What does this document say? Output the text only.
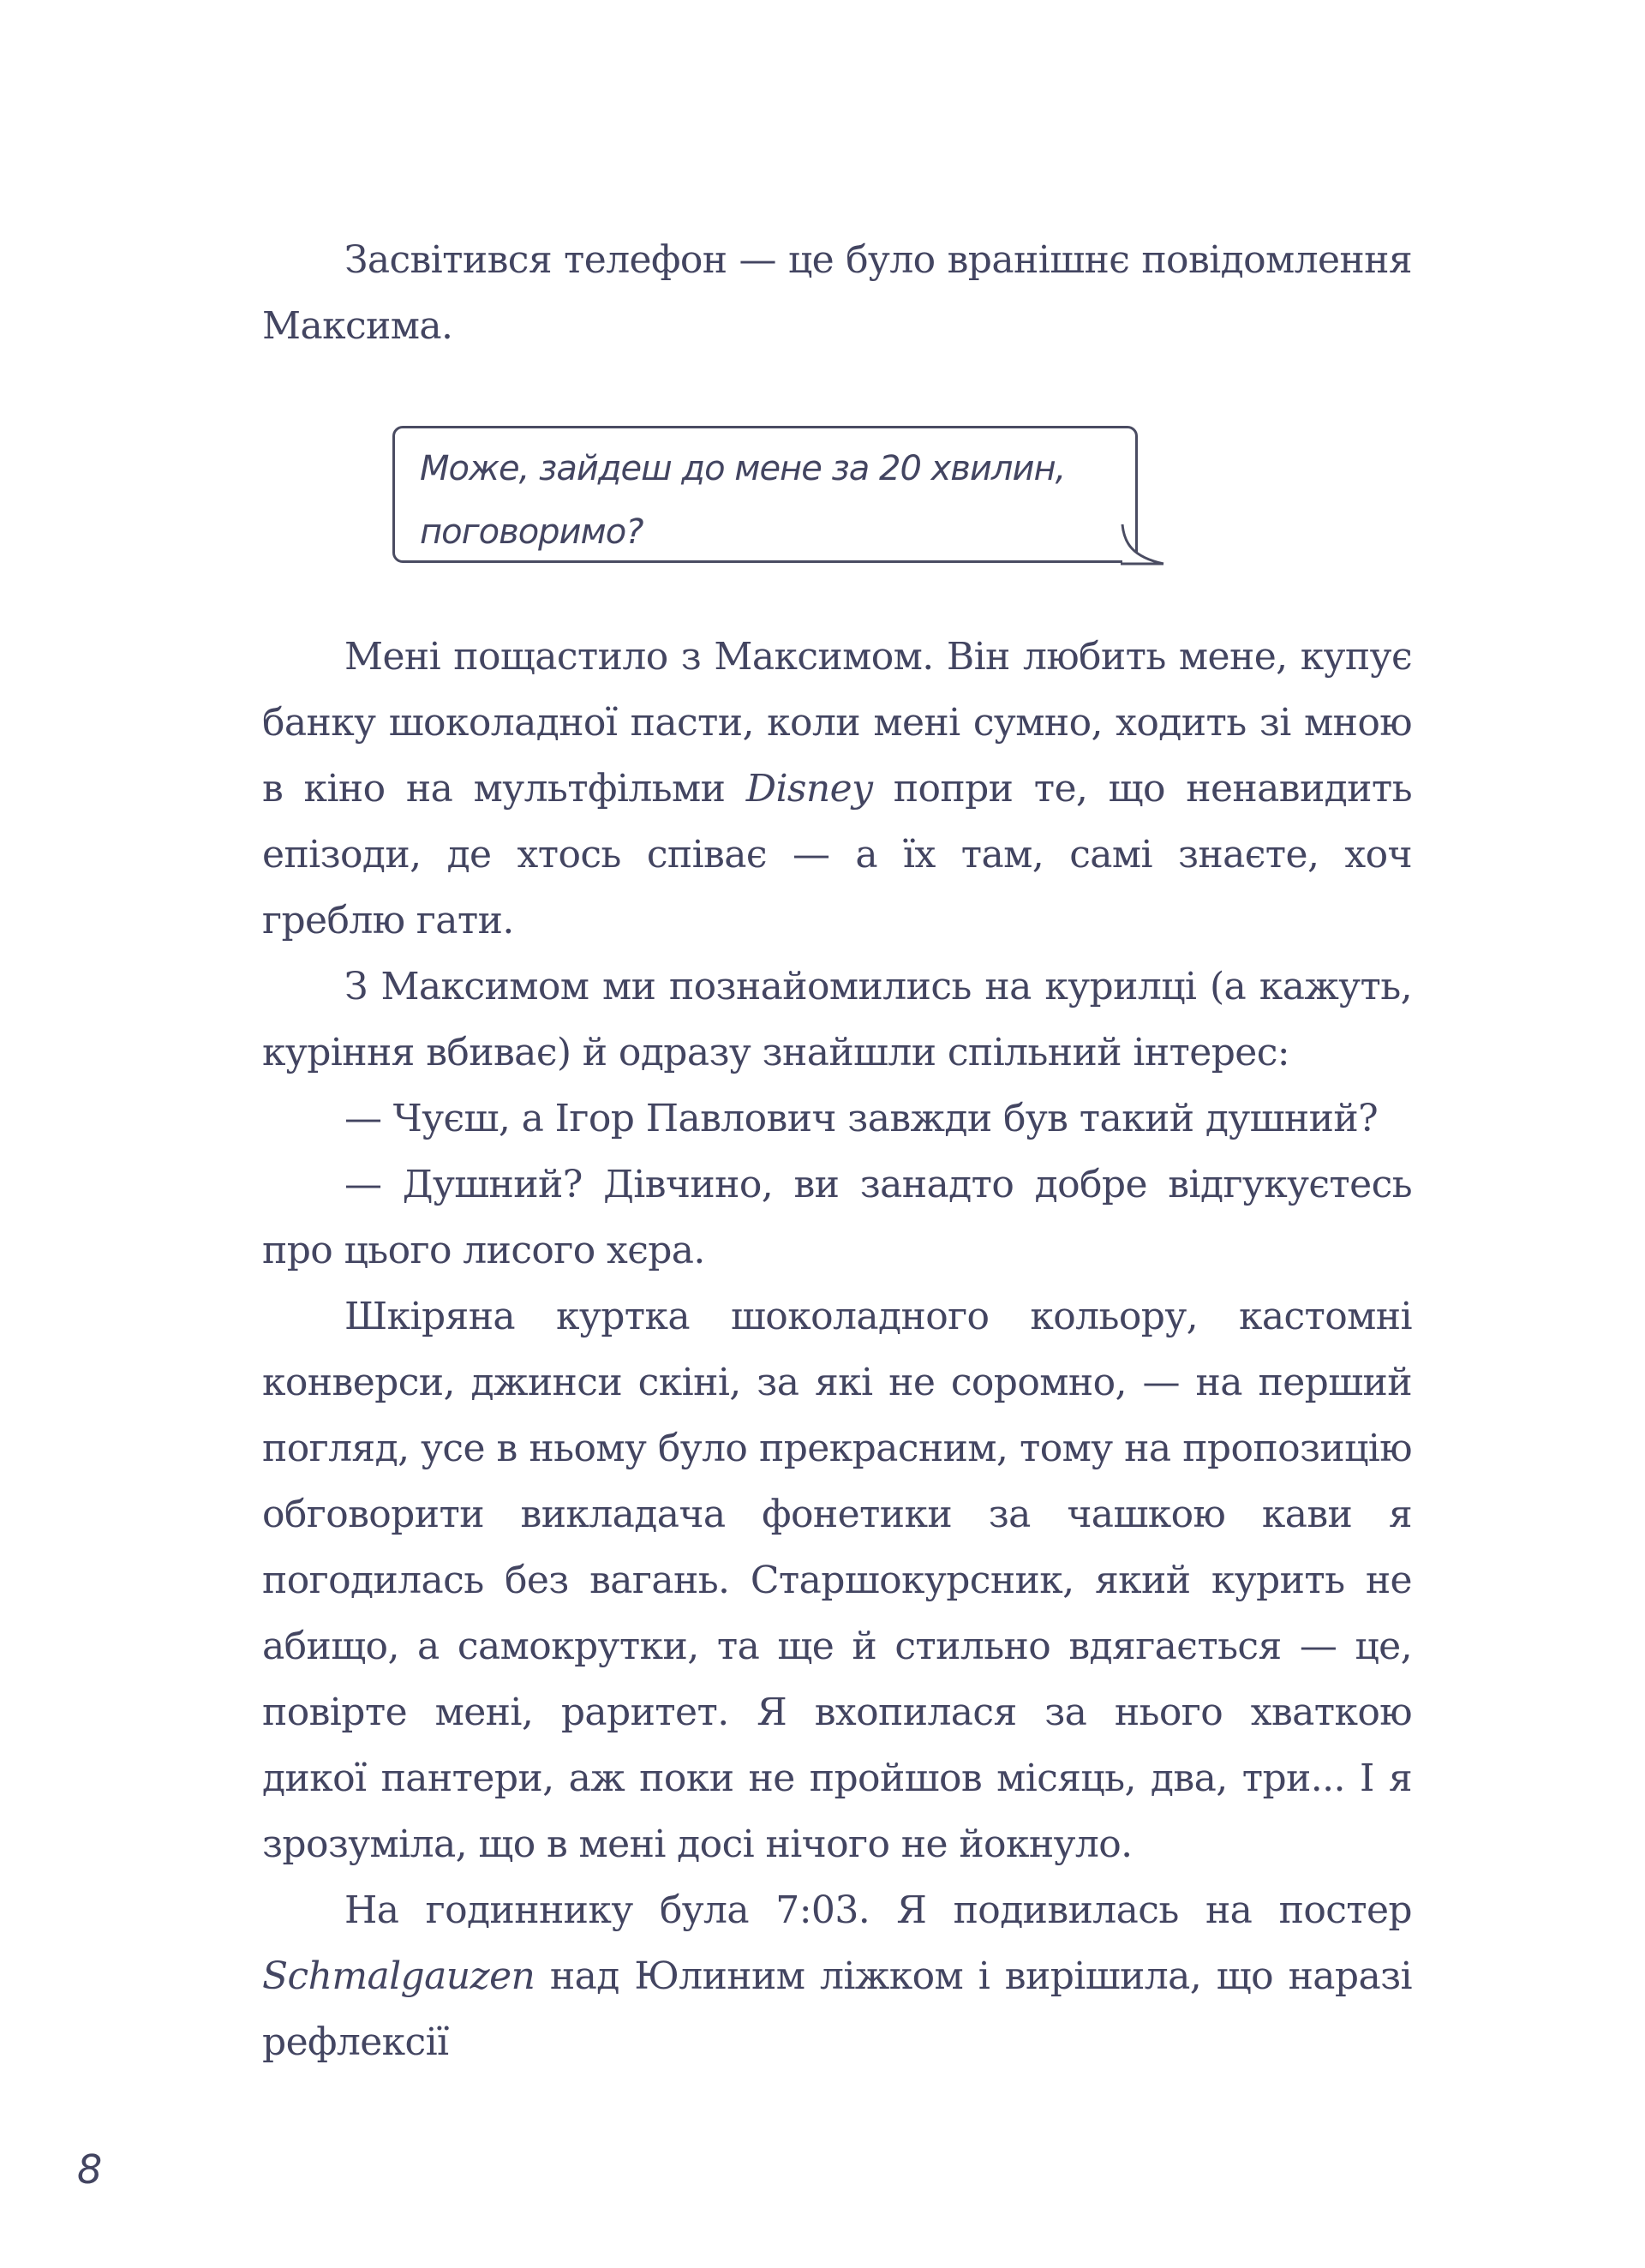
Засвітився телефон — це було вранішнє повідомлення Максима.

Може, зайдеш до мене за 20 хвилин,
поговоримо?

Мені пощастило з Максимом. Він любить мене, купує банку шоколадної пасти, коли мені сумно, ходить зі мною в кіно на мультфільми Disney попри те, що ненавидить епізоди, де хтось співає — а їх там, самі знаєте, хоч греблю гати.

З Максимом ми познайомились на курилці (а кажуть, куріння вбиває) й одразу знайшли спільний інтерес:

— Чуєш, а Ігор Павлович завжди був такий душний?

— Душний? Дівчино, ви занадто добре відгукуєтесь про цього лисого хєра.

Шкіряна куртка шоколадного кольору, кастомні конверси, джинси скіні, за які не соромно, — на перший погляд, усе в ньому було прекрасним, тому на пропозицію обговорити викладача фонетики за чашкою кави я погодилась без вагань. Старшокурсник, який курить не абищо, а самокрутки, та ще й стильно вдягається — це, повірте мені, раритет. Я вхопилася за нього хваткою дикої пантери, аж поки не пройшов місяць, два, три... І я зрозуміла, що в мені досі нічого не йокнуло.

На годиннику була 7:03. Я подивилась на постер Schmalgauzen над Юлиним ліжком і вирішила, що наразі рефлексії

8
